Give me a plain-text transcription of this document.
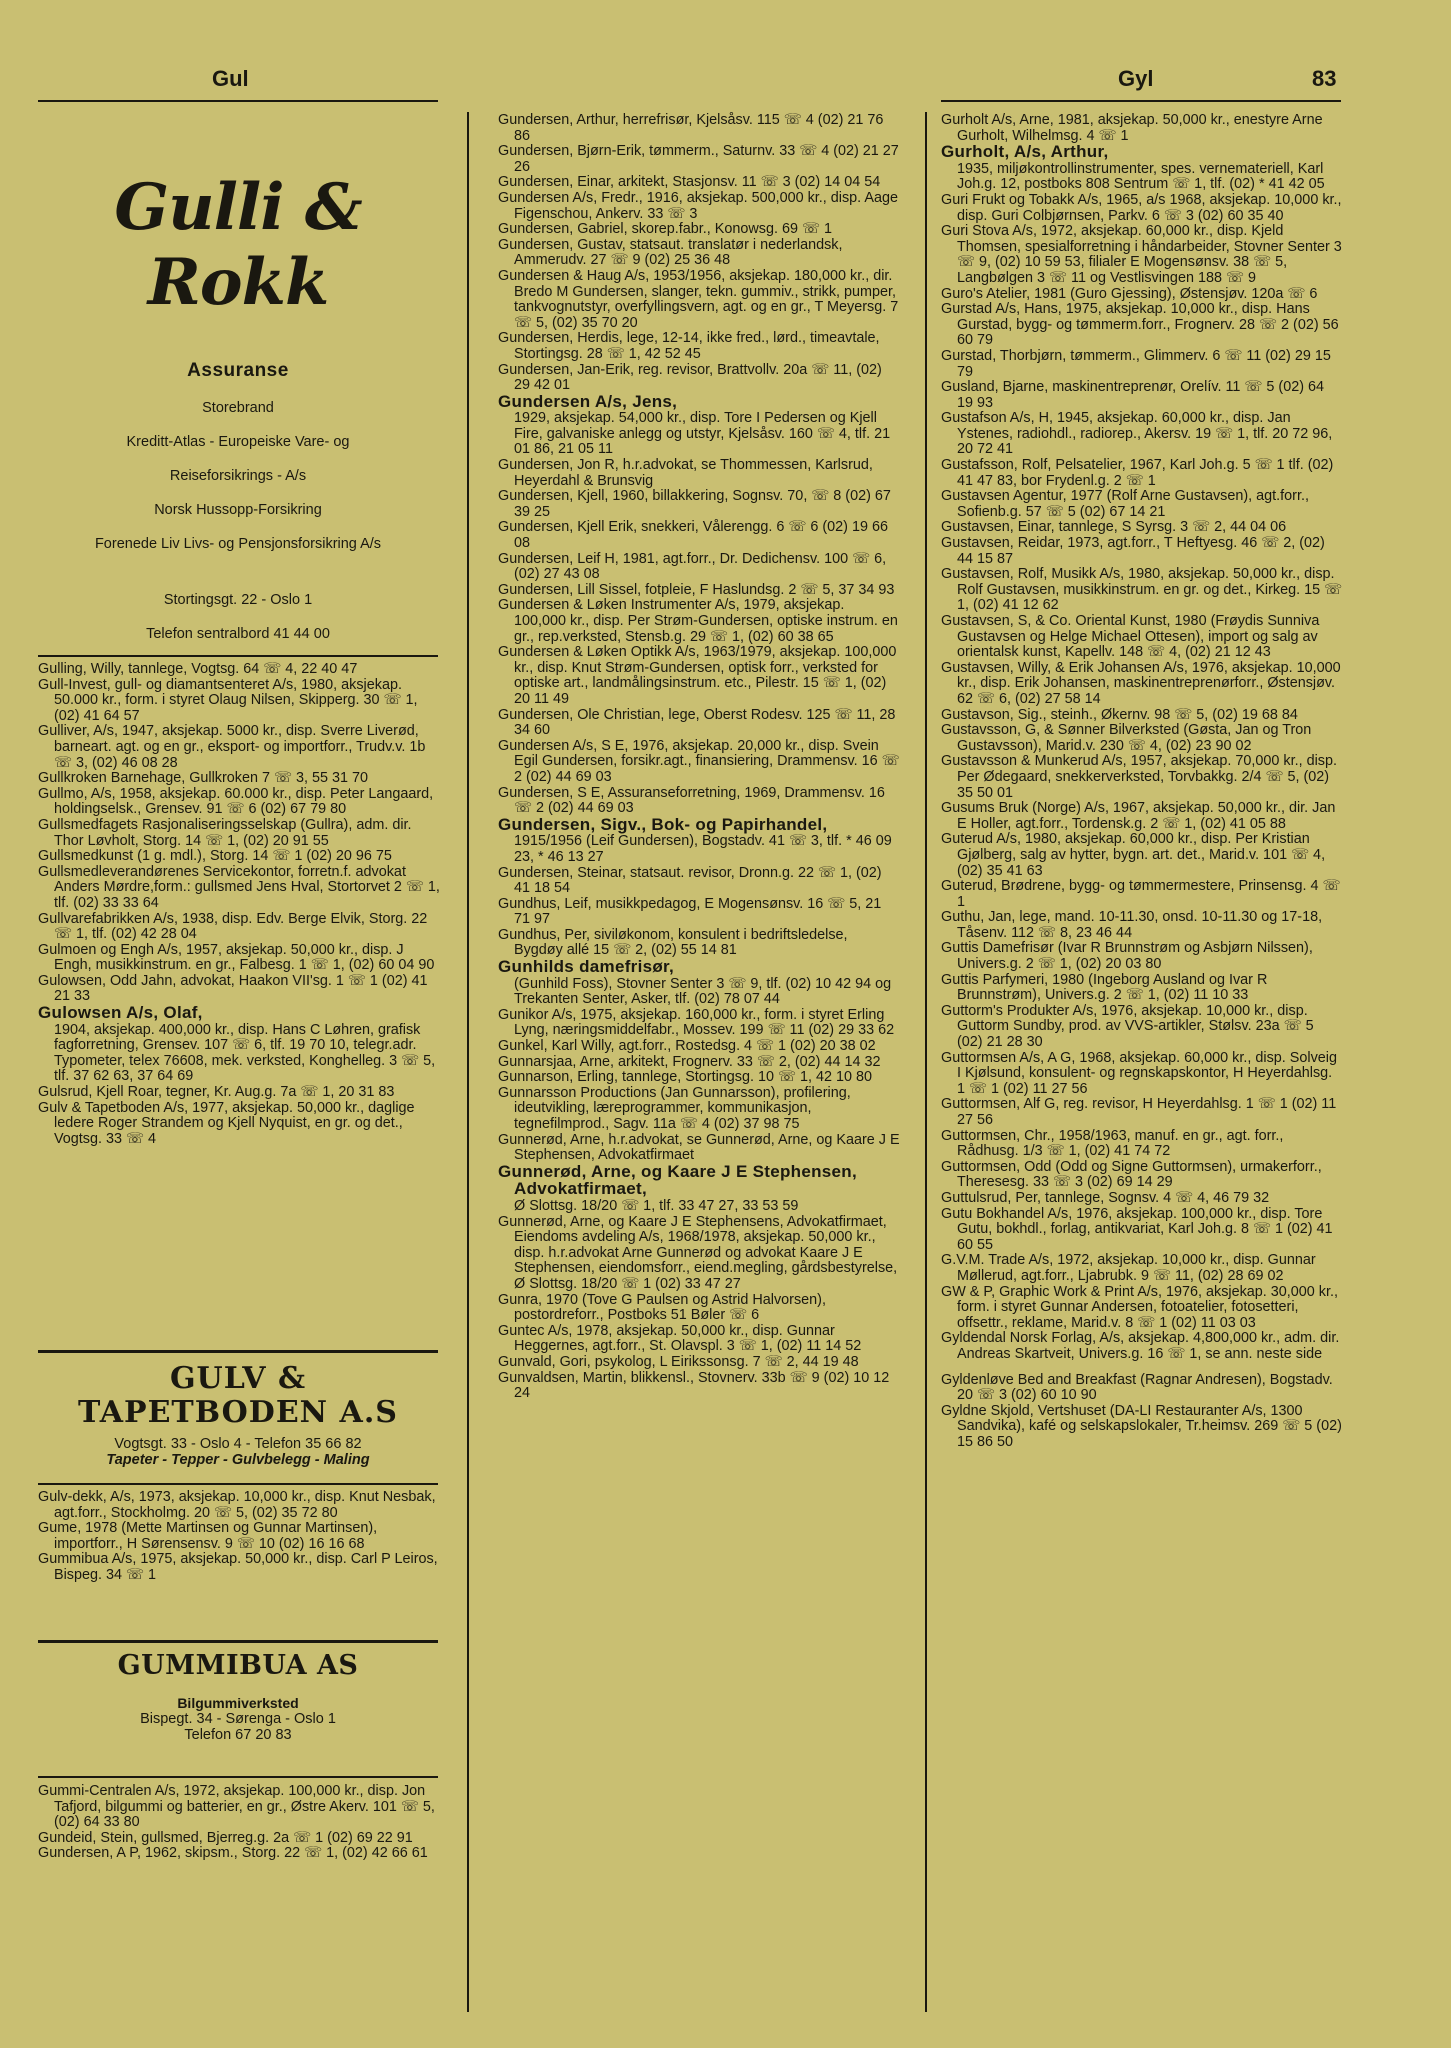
Gul	Gyl	83
Gulli & Rokk
Assuranse
Storebrand
Kreditt-Atlas - Europeiske Vare- og
Reiseforsikrings - A/s
Norsk Hussopp-Forsikring
Forenede Liv Livs- og Pensjonsforsikring A/s
Stortingsgt. 22 - Oslo 1
Telefon sentralbord 41 44 00
Gulling, Willy, tannlege, Vogtsg. 64 ☏ 4, 22 40 47
Gull-Invest, gull- og diamantsenteret A/s, 1980, aksjekap. 50.000 kr., form. i styret Olaug Nilsen, Skipperg. 30 ☏ 1, (02) 41 64 57
Gulliver, A/s, 1947, aksjekap. 5000 kr., disp. Sverre Liverød, barneart. agt. og en gr., eksport- og importforr., Trudv.v. 1b ☏ 3, (02) 46 08 28
Gullkroken Barnehage, Gullkroken 7 ☏ 3, 55 31 70
Gullmo, A/s, 1958, aksjekap. 60.000 kr., disp. Peter Langaard, holdingselsk., Grensev. 91 ☏ 6 (02) 67 79 80
Gullsmedfagets Rasjonaliseringsselskap (Gullra), adm. dir. Thor Løvholt, Storg. 14 ☏ 1, (02) 20 91 55
Gullsmedkunst (1 g. mdl.), Storg. 14 ☏ 1 (02) 20 96 75
Gullsmedleverandørenes Servicekontor, forretn.f. advokat Anders Mørdre,form.: gullsmed Jens Hval, Stortorvet 2 ☏ 1, tlf. (02) 33 33 64
Gullvarefabrikken A/s, 1938, disp. Edv. Berge Elvik, Storg. 22 ☏ 1, tlf. (02) 42 28 04
Gulmoen og Engh A/s, 1957, aksjekap. 50,000 kr., disp. J Engh, musikkinstrum. en gr., Falbesg. 1 ☏ 1, (02) 60 04 90
Gulowsen, Odd Jahn, advokat, Haakon VII'sg. 1 ☏ 1 (02) 41 21 33
Gulowsen A/s, Olaf,
1904, aksjekap. 400,000 kr., disp. Hans C Løhren, grafisk fagforretning, Grensev. 107 ☏ 6, tlf. 19 70 10, telegr.adr. Typometer, telex 76608, mek. verksted, Konghelleg. 3 ☏ 5, tlf. 37 62 63, 37 64 69
Gulsrud, Kjell Roar, tegner, Kr. Aug.g. 7a ☏ 1, 20 31 83
Gulv & Tapetboden A/s, 1977, aksjekap. 50,000 kr., daglige ledere Roger Strandem og Kjell Nyquist, en gr. og det., Vogtsg. 33 ☏ 4
GULV &
TAPETBODEN A.S
Vogtsgt. 33 - Oslo 4 - Telefon 35 66 82
Tapeter - Tepper - Gulvbelegg - Maling
Gulv-dekk, A/s, 1973, aksjekap. 10,000 kr., disp. Knut Nesbak, agt.forr., Stockholmg. 20 ☏ 5, (02) 35 72 80
Gume, 1978 (Mette Martinsen og Gunnar Martinsen), importforr., H Sørensensv. 9 ☏ 10 (02) 16 16 68
Gummibua A/s, 1975, aksjekap. 50,000 kr., disp. Carl P Leiros, Bispeg. 34 ☏ 1
GUMMIBUA AS
Bilgummiverksted
Bispegt. 34 - Sørenga - Oslo 1
Telefon 67 20 83
Gummi-Centralen A/s, 1972, aksjekap. 100,000 kr., disp. Jon Tafjord, bilgummi og batterier, en gr., Østre Akerv. 101 ☏ 5, (02) 64 33 80
Gundeid, Stein, gullsmed, Bjerreg.g. 2a ☏ 1 (02) 69 22 91
Gundersen, A P, 1962, skipsm., Storg. 22 ☏ 1, (02) 42 66 61
Gundersen, Arthur, herrefrisør, Kjelsåsv. 115 ☏ 4 (02) 21 76 86
Gundersen, Bjørn-Erik, tømmerm., Saturnv. 33 ☏ 4 (02) 21 27 26
Gundersen, Einar, arkitekt, Stasjonsv. 11 ☏ 3 (02) 14 04 54
Gundersen A/s, Fredr., 1916, aksjekap. 500,000 kr., disp. Aage Figenschou, Ankerv. 33 ☏ 3
Gundersen, Gabriel, skorep.fabr., Konowsg. 69 ☏ 1
Gundersen, Gustav, statsaut. translatør i nederlandsk, Ammerudv. 27 ☏ 9 (02) 25 36 48
Gundersen & Haug A/s, 1953/1956, aksjekap. 180,000 kr., dir. Bredo M Gundersen, slanger, tekn. gummiv., strikk, pumper, tankvognutstyr, overfyllingsvern, agt. og en gr., T Meyersg. 7 ☏ 5, (02) 35 70 20
Gundersen, Herdis, lege, 12-14, ikke fred., lørd., timeavtale, Stortingsg. 28 ☏ 1, 42 52 45
Gundersen, Jan-Erik, reg. revisor, Brattvollv. 20a ☏ 11, (02) 29 42 01
Gundersen A/s, Jens,
1929, aksjekap. 54,000 kr., disp. Tore I Pedersen og Kjell Fire, galvaniske anlegg og utstyr, Kjelsåsv. 160 ☏ 4, tlf. 21 01 86, 21 05 11
Gundersen, Jon R, h.r.advokat, se Thommessen, Karlsrud, Heyerdahl & Brunsvig
Gundersen, Kjell, 1960, billakkering, Sognsv. 70, ☏ 8 (02) 67 39 25
Gundersen, Kjell Erik, snekkeri, Vålerengg. 6 ☏ 6 (02) 19 66 08
Gundersen, Leif H, 1981, agt.forr., Dr. Dedichensv. 100 ☏ 6, (02) 27 43 08
Gundersen, Lill Sissel, fotpleie, F Haslundsg. 2 ☏ 5, 37 34 93
Gundersen & Løken Instrumenter A/s, 1979, aksjekap. 100,000 kr., disp. Per Strøm-Gundersen, optiske instrum. en gr., rep.verksted, Stensb.g. 29 ☏ 1, (02) 60 38 65
Gundersen & Løken Optikk A/s, 1963/1979, aksjekap. 100,000 kr., disp. Knut Strøm-Gundersen, optisk forr., verksted for optiske art., landmålingsinstrum. etc., Pilestr. 15 ☏ 1, (02) 20 11 49
Gundersen, Ole Christian, lege, Oberst Rodesv. 125 ☏ 11, 28 34 60
Gundersen A/s, S E, 1976, aksjekap. 20,000 kr., disp. Svein Egil Gundersen, forsikr.agt., finansiering, Drammensv. 16 ☏ 2 (02) 44 69 03
Gundersen, S E, Assuranseforretning, 1969, Drammensv. 16 ☏ 2 (02) 44 69 03
Gundersen, Sigv., Bok- og Papirhandel,
1915/1956 (Leif Gundersen), Bogstadv. 41 ☏ 3, tlf. * 46 09 23, * 46 13 27
Gundersen, Steinar, statsaut. revisor, Dronn.g. 22 ☏ 1, (02) 41 18 54
Gundhus, Leif, musikkpedagog, E Mogensønsv. 16 ☏ 5, 21 71 97
Gundhus, Per, siviløkonom, konsulent i bedriftsledelse, Bygdøy allé 15 ☏ 2, (02) 55 14 81
Gunhilds damefrisør,
(Gunhild Foss), Stovner Senter 3 ☏ 9, tlf. (02) 10 42 94 og Trekanten Senter, Asker, tlf. (02) 78 07 44
Gunikor A/s, 1975, aksjekap. 160,000 kr., form. i styret Erling Lyng, næringsmiddelfabr., Mossev. 199 ☏ 11 (02) 29 33 62
Gunkel, Karl Willy, agt.forr., Rostedsg. 4 ☏ 1 (02) 20 38 02
Gunnarsjaa, Arne, arkitekt, Frognerv. 33 ☏ 2, (02) 44 14 32
Gunnarson, Erling, tannlege, Stortingsg. 10 ☏ 1, 42 10 80
Gunnarsson Productions (Jan Gunnarsson), profilering, ideutvikling, læreprogrammer, kommunikasjon, tegnefilmprod., Sagv. 11a ☏ 4 (02) 37 98 75
Gunnerød, Arne, h.r.advokat, se Gunnerød, Arne, og Kaare J E Stephensen, Advokatfirmaet
Gunnerød, Arne, og Kaare J E Stephensen, Advokatfirmaet,
Ø Slottsg. 18/20 ☏ 1, tlf. 33 47 27, 33 53 59
Gunnerød, Arne, og Kaare J E Stephensens, Advokatfirmaet, Eiendoms avdeling A/s, 1968/1978, aksjekap. 50,000 kr., disp. h.r.advokat Arne Gunnerød og advokat Kaare J E Stephensen, eiendomsforr., eiend.megling, gårdsbestyrelse, Ø Slottsg. 18/20 ☏ 1 (02) 33 47 27
Gunra, 1970 (Tove G Paulsen og Astrid Halvorsen), postordreforr., Postboks 51 Bøler ☏ 6
Guntec A/s, 1978, aksjekap. 50,000 kr., disp. Gunnar Heggernes, agt.forr., St. Olavspl. 3 ☏ 1, (02) 11 14 52
Gunvald, Gori, psykolog, L Eirikssonsg. 7 ☏ 2, 44 19 48
Gunvaldsen, Martin, blikkensl., Stovnerv. 33b ☏ 9 (02) 10 12 24
Gurholt A/s, Arne, 1981, aksjekap. 50,000 kr., enestyre Arne Gurholt, Wilhelmsg. 4 ☏ 1
Gurholt, A/s, Arthur,
1935, miljøkontrollinstrumenter, spes. vernemateriell, Karl Joh.g. 12, postboks 808 Sentrum ☏ 1, tlf. (02) * 41 42 05
Guri Frukt og Tobakk A/s, 1965, a/s 1968, aksjekap. 10,000 kr., disp. Guri Colbjørnsen, Parkv. 6 ☏ 3 (02) 60 35 40
Guri Stova A/s, 1972, aksjekap. 60,000 kr., disp. Kjeld Thomsen, spesialforretning i håndarbeider, Stovner Senter 3 ☏ 9, (02) 10 59 53, filialer E Mogensønsv. 38 ☏ 5, Langbølgen 3 ☏ 11 og Vestlisvingen 188 ☏ 9
Guro's Atelier, 1981 (Guro Gjessing), Østensjøv. 120a ☏ 6
Gurstad A/s, Hans, 1975, aksjekap. 10,000 kr., disp. Hans Gurstad, bygg- og tømmerm.forr., Frognerv. 28 ☏ 2 (02) 56 60 79
Gurstad, Thorbjørn, tømmerm., Glimmerv. 6 ☏ 11 (02) 29 15 79
Gusland, Bjarne, maskinentreprenør, Orelív. 11 ☏ 5 (02) 64 19 93
Gustafson A/s, H, 1945, aksjekap. 60,000 kr., disp. Jan Ystenes, radiohdl., radiorep., Akersv. 19 ☏ 1, tlf. 20 72 96, 20 72 41
Gustafsson, Rolf, Pelsatelier, 1967, Karl Joh.g. 5 ☏ 1 tlf. (02) 41 47 83, bor Frydenl.g. 2 ☏ 1
Gustavsen Agentur, 1977 (Rolf Arne Gustavsen), agt.forr., Sofienb.g. 57 ☏ 5 (02) 67 14 21
Gustavsen, Einar, tannlege, S Syrsg. 3 ☏ 2, 44 04 06
Gustavsen, Reidar, 1973, agt.forr., T Heftyesg. 46 ☏ 2, (02) 44 15 87
Gustavsen, Rolf, Musikk A/s, 1980, aksjekap. 50,000 kr., disp. Rolf Gustavsen, musikkinstrum. en gr. og det., Kirkeg. 15 ☏ 1, (02) 41 12 62
Gustavsen, S, & Co. Oriental Kunst, 1980 (Frøydis Sunniva Gustavsen og Helge Michael Ottesen), import og salg av orientalsk kunst, Kapellv. 148 ☏ 4, (02) 21 12 43
Gustavsen, Willy, & Erik Johansen A/s, 1976, aksjekap. 10,000 kr., disp. Erik Johansen, maskinentreprenørforr., Østensjøv. 62 ☏ 6, (02) 27 58 14
Gustavson, Sig., steinh., Økernv. 98 ☏ 5, (02) 19 68 84
Gustavsson, G, & Sønner Bilverksted (Gøsta, Jan og Tron Gustavsson), Marid.v. 230 ☏ 4, (02) 23 90 02
Gustavsson & Munkerud A/s, 1957, aksjekap. 70,000 kr., disp. Per Ødegaard, snekkerverksted, Torvbakkg. 2/4 ☏ 5, (02) 35 50 01
Gusums Bruk (Norge) A/s, 1967, aksjekap. 50,000 kr., dir. Jan E Holler, agt.forr., Tordensk.g. 2 ☏ 1, (02) 41 05 88
Guterud A/s, 1980, aksjekap. 60,000 kr., disp. Per Kristian Gjølberg, salg av hytter, bygn. art. det., Marid.v. 101 ☏ 4, (02) 35 41 63
Guterud, Brødrene, bygg- og tømmermestere, Prinsensg. 4 ☏ 1
Guthu, Jan, lege, mand. 10-11.30, onsd. 10-11.30 og 17-18, Tåsenv. 112 ☏ 8, 23 46 44
Guttis Damefrisør (Ivar R Brunnstrøm og Asbjørn Nilssen), Univers.g. 2 ☏ 1, (02) 20 03 80
Guttis Parfymeri, 1980 (Ingeborg Ausland og Ivar R Brunnstrøm), Univers.g. 2 ☏ 1, (02) 11 10 33
Guttorm's Produkter A/s, 1976, aksjekap. 10,000 kr., disp. Guttorm Sundby, prod. av VVS-artikler, Stølsv. 23a ☏ 5 (02) 21 28 30
Guttormsen A/s, A G, 1968, aksjekap. 60,000 kr., disp. Solveig I Kjølsund, konsulent- og regnskapskontor, H Heyerdahlsg. 1 ☏ 1 (02) 11 27 56
Guttormsen, Alf G, reg. revisor, H Heyerdahlsg. 1 ☏ 1 (02) 11 27 56
Guttormsen, Chr., 1958/1963, manuf. en gr., agt. forr., Rådhusg. 1/3 ☏ 1, (02) 41 74 72
Guttormsen, Odd (Odd og Signe Guttormsen), urmakerforr., Theresesg. 33 ☏ 3 (02) 69 14 29
Guttulsrud, Per, tannlege, Sognsv. 4 ☏ 4, 46 79 32
Gutu Bokhandel A/s, 1976, aksjekap. 100,000 kr., disp. Tore Gutu, bokhdl., forlag, antikvariat, Karl Joh.g. 8 ☏ 1 (02) 41 60 55
G.V.M. Trade A/s, 1972, aksjekap. 10,000 kr., disp. Gunnar Møllerud, agt.forr., Ljabrubk. 9 ☏ 11, (02) 28 69 02
GW & P, Graphic Work & Print A/s, 1976, aksjekap. 30,000 kr., form. i styret Gunnar Andersen, fotoatelier, fotosetteri, offsettr., reklame, Marid.v. 8 ☏ 1 (02) 11 03 03
Gyldendal Norsk Forlag, A/s, aksjekap. 4,800,000 kr., adm. dir. Andreas Skartveit, Univers.g. 16 ☏ 1, se ann. neste side
Gyldenløve Bed and Breakfast (Ragnar Andresen), Bogstadv. 20 ☏ 3 (02) 60 10 90
Gyldne Skjold, Vertshuset (DA-LI Restauranter A/s, 1300 Sandvika), kafé og selskapslokaler, Tr.heimsv. 269 ☏ 5 (02) 15 86 50
